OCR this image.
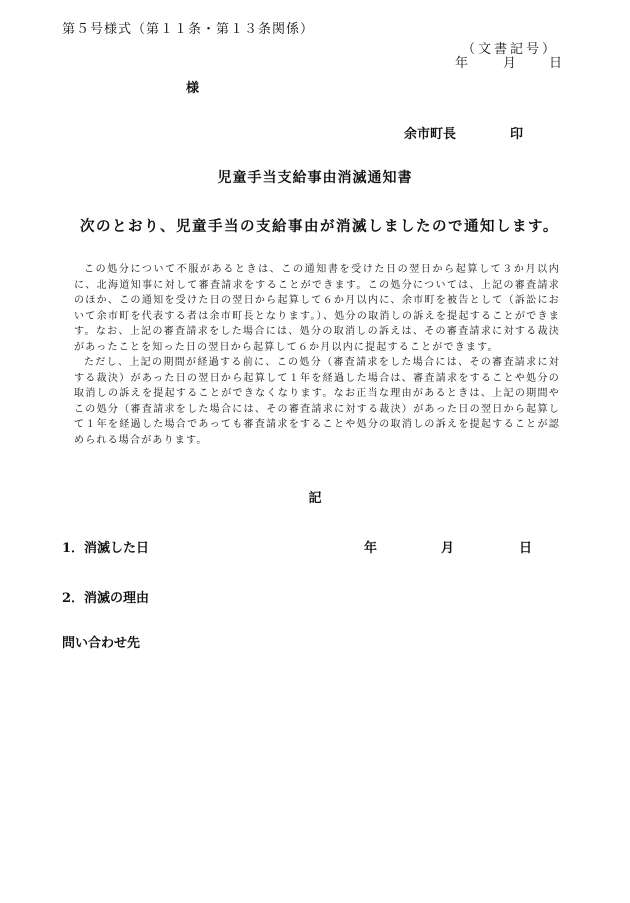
第５号様式（第１１条・第１３条関係）
（文書記号）
年	月	日
様
余市町長	印
児童手当支給事由消滅通知書
次のとおり、児童手当の支給事由が消滅しましたので通知します。

この処分について不服があるときは、この通知書を受けた日の翌日から起算して３か月以内に、北海道知事に対して審査請求をすることができます。この処分については、上記の審査請求のほか、この通知を受けた日の翌日から起算して６か月以内に、余市町を被告として（訴訟において余市町を代表する者は余市町長となります。）、処分の取消しの訴えを提起することができます。なお、上記の審査請求をした場合には、処分の取消しの訴えは、その審査請求に対する裁決があったことを知った日の翌日から起算して６か月以内に提起することができます。

ただし、上記の期間が経過する前に、この処分（審査請求をした場合には、その審査請求に対する裁決）があった日の翌日から起算して１年を経過した場合は、審査請求をすることや処分の取消しの訴えを提起することができなくなります。なお正当な理由があるときは、上記の期間やこの処分（審査請求をした場合には、その審査請求に対する裁決）があった日の翌日から起算して１年を経過した場合であっても審査請求をすることや処分の取消しの訴えを提起することが認められる場合があります。

記
1．消滅した日	年	月	日
2．消滅の理由
問い合わせ先
